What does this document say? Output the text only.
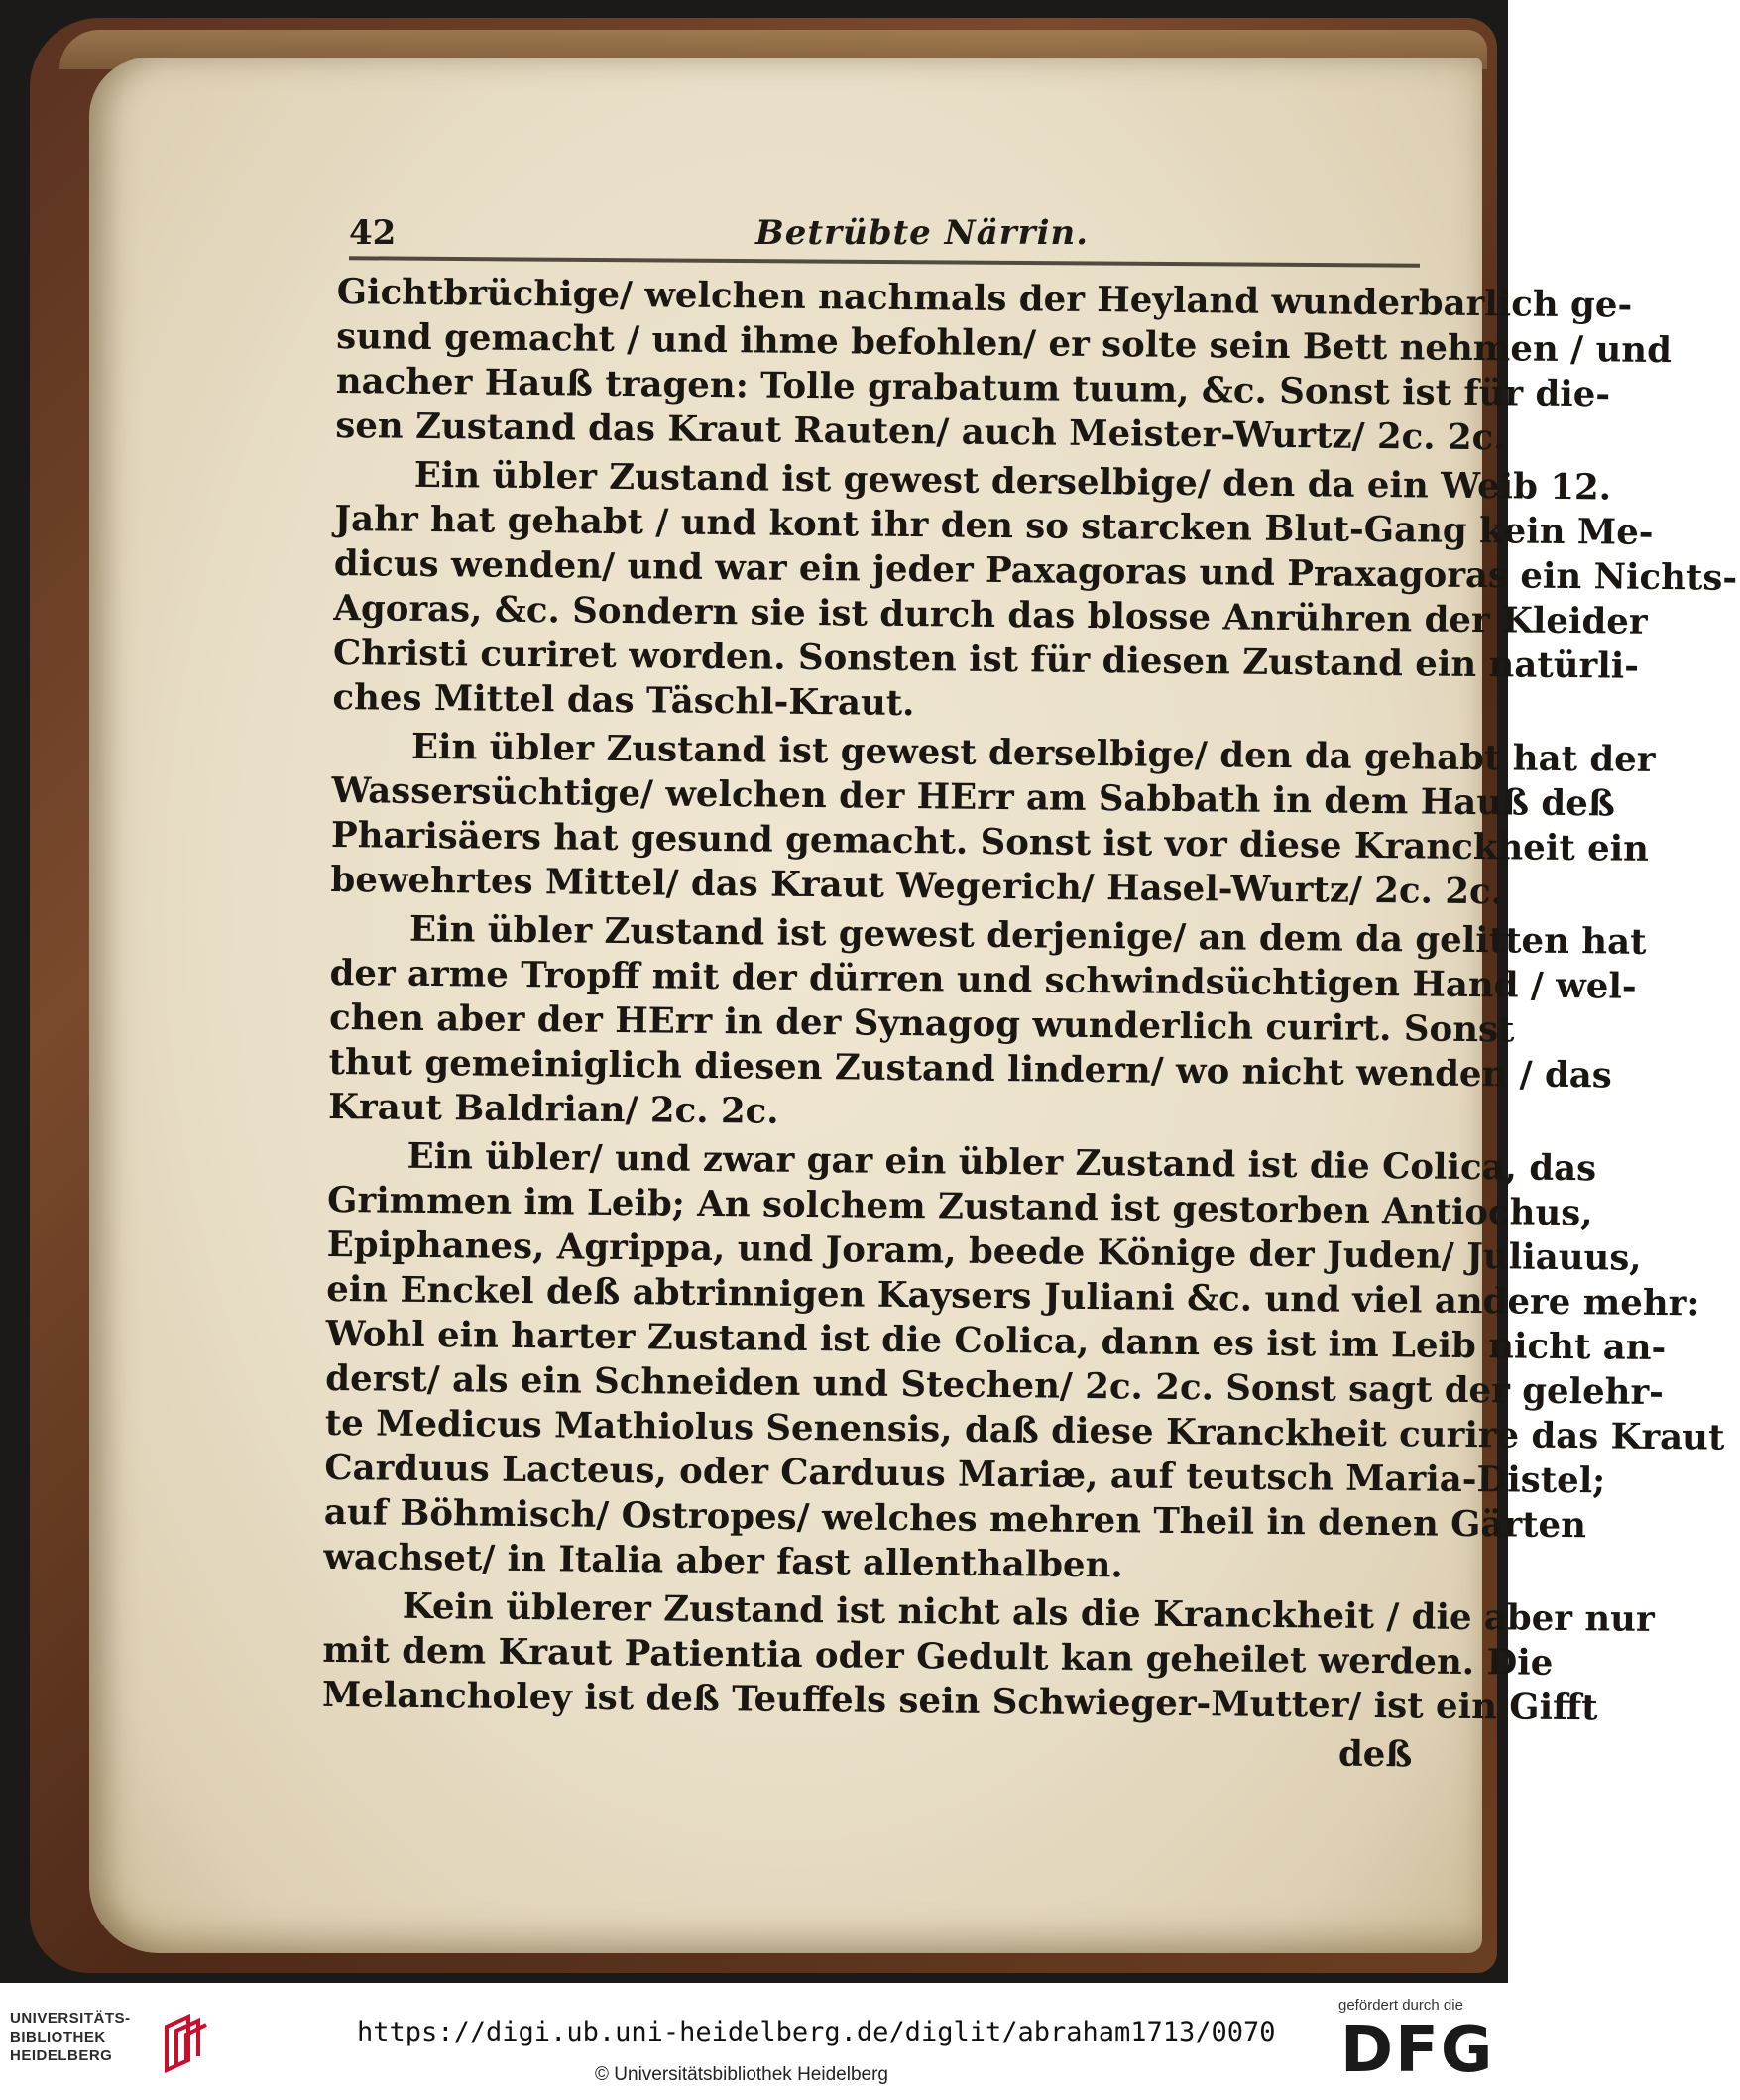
42	Betrübte Närrin.
Gichtbrüchige/ welchen nachmals der Heyland wunderbarlich ge-
sund gemacht / und ihme befohlen/ er solte sein Bett nehmen / und
nacher Hauß tragen: Tolle grabatum tuum, &c. Sonst ist für die-
sen Zustand das Kraut Rauten/ auch Meister-Wurtz/ 2c. 2c.
Ein übler Zustand ist gewest derselbige/ den da ein Weib 12.
Jahr hat gehabt / und kont ihr den so starcken Blut-Gang kein Me-
dicus wenden/ und war ein jeder Paxagoras und Praxagoras ein Nichts-
Agoras, &c. Sondern sie ist durch das blosse Anrühren der Kleider
Christi curiret worden. Sonsten ist für diesen Zustand ein natürli-
ches Mittel das Täschl-Kraut.
Ein übler Zustand ist gewest derselbige/ den da gehabt hat der
Wassersüchtige/ welchen der HErr am Sabbath in dem Hauß deß
Pharisäers hat gesund gemacht. Sonst ist vor diese Kranckheit ein
bewehrtes Mittel/ das Kraut Wegerich/ Hasel-Wurtz/ 2c. 2c.
Ein übler Zustand ist gewest derjenige/ an dem da gelitten hat
der arme Tropff mit der dürren und schwindsüchtigen Hand / wel-
chen aber der HErr in der Synagog wunderlich curirt. Sonst
thut gemeiniglich diesen Zustand lindern/ wo nicht wenden / das
Kraut Baldrian/ 2c. 2c.
Ein übler/ und zwar gar ein übler Zustand ist die Colica, das
Grimmen im Leib; An solchem Zustand ist gestorben Antiochus,
Epiphanes, Agrippa, und Joram, beede Könige der Juden/ Juliauus,
ein Enckel deß abtrinnigen Kaysers Juliani &c. und viel andere mehr:
Wohl ein harter Zustand ist die Colica, dann es ist im Leib nicht an-
derst/ als ein Schneiden und Stechen/ 2c. 2c. Sonst sagt der gelehr-
te Medicus Mathiolus Senensis, daß diese Kranckheit curire das Kraut
Carduus Lacteus, oder Carduus Mariæ, auf teutsch Maria-Distel;
auf Böhmisch/ Ostropes/ welches mehren Theil in denen Gärten
wachset/ in Italia aber fast allenthalben.
Kein üblerer Zustand ist nicht als die Kranckheit / die aber nur
mit dem Kraut Patientia oder Gedult kan geheilet werden. Die
Melancholey ist deß Teuffels sein Schwieger-Mutter/ ist ein Gifft
deß
UNIVERSITÄTS-
BIBLIOTHEK
HEIDELBERG
https://digi.ub.uni-heidelberg.de/diglit/abraham1713/0070
© Universitätsbibliothek Heidelberg
gefördert durch die
DFG
